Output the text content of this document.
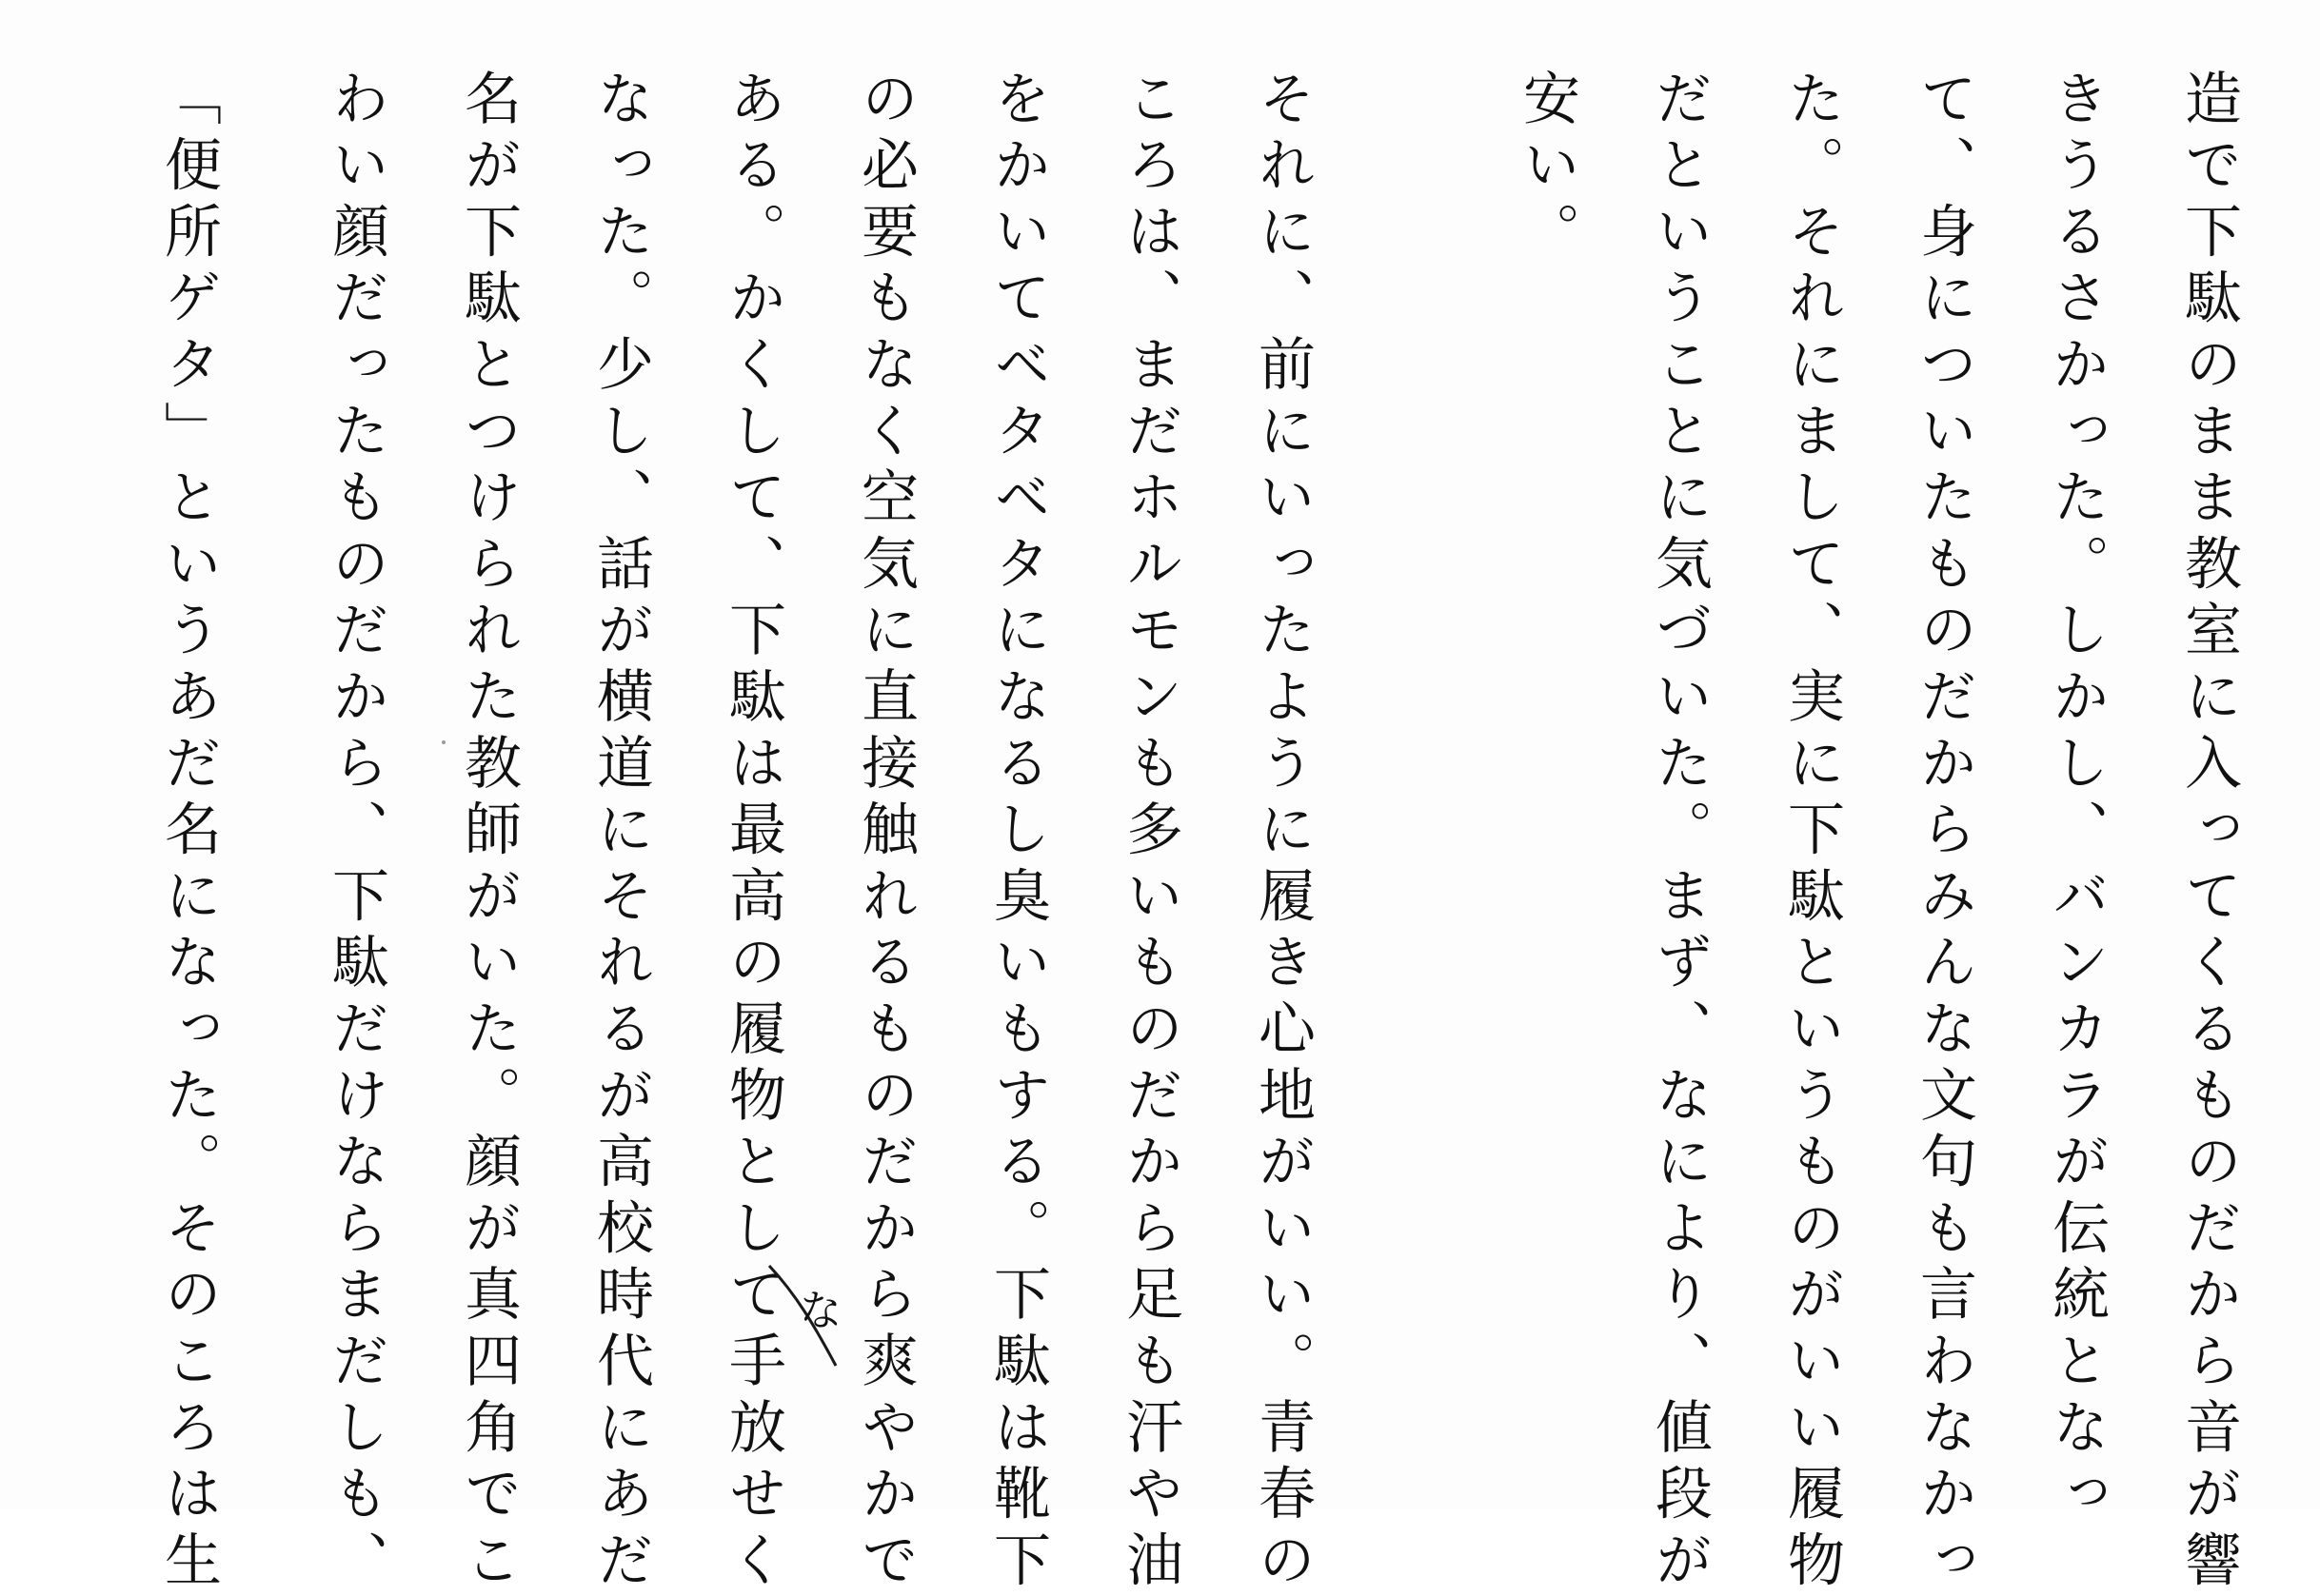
造で下駄のまま教室に入ってくるものだから音が響
きうるさかった。しかし、バンカラが伝統となっ
て、身についたものだからみんな文句も言わなかっ
た。それにまして、実に下駄というものがいい履物
だということに気づいた。まず、なにより、値段が
安い。
それに、前にいったように履き心地がいい。青春の
ころは、まだホルモンも多いものだから足も汗や油
をかいてベタベタになるし臭いもする。下駄は靴下
の必要もなく空気に直接触れるものだから爽やかで
ある。かくして、下駄は最高の履物として手放せく
なった。少し、話が横道にそれるが高校時代にあだ
名が下駄とつけられた教師がいた。顔が真四角でこ
わい顔だったものだから、下駄だけならまだしも、
「便所ゲタ」というあだ名になった。そのころは生	な
